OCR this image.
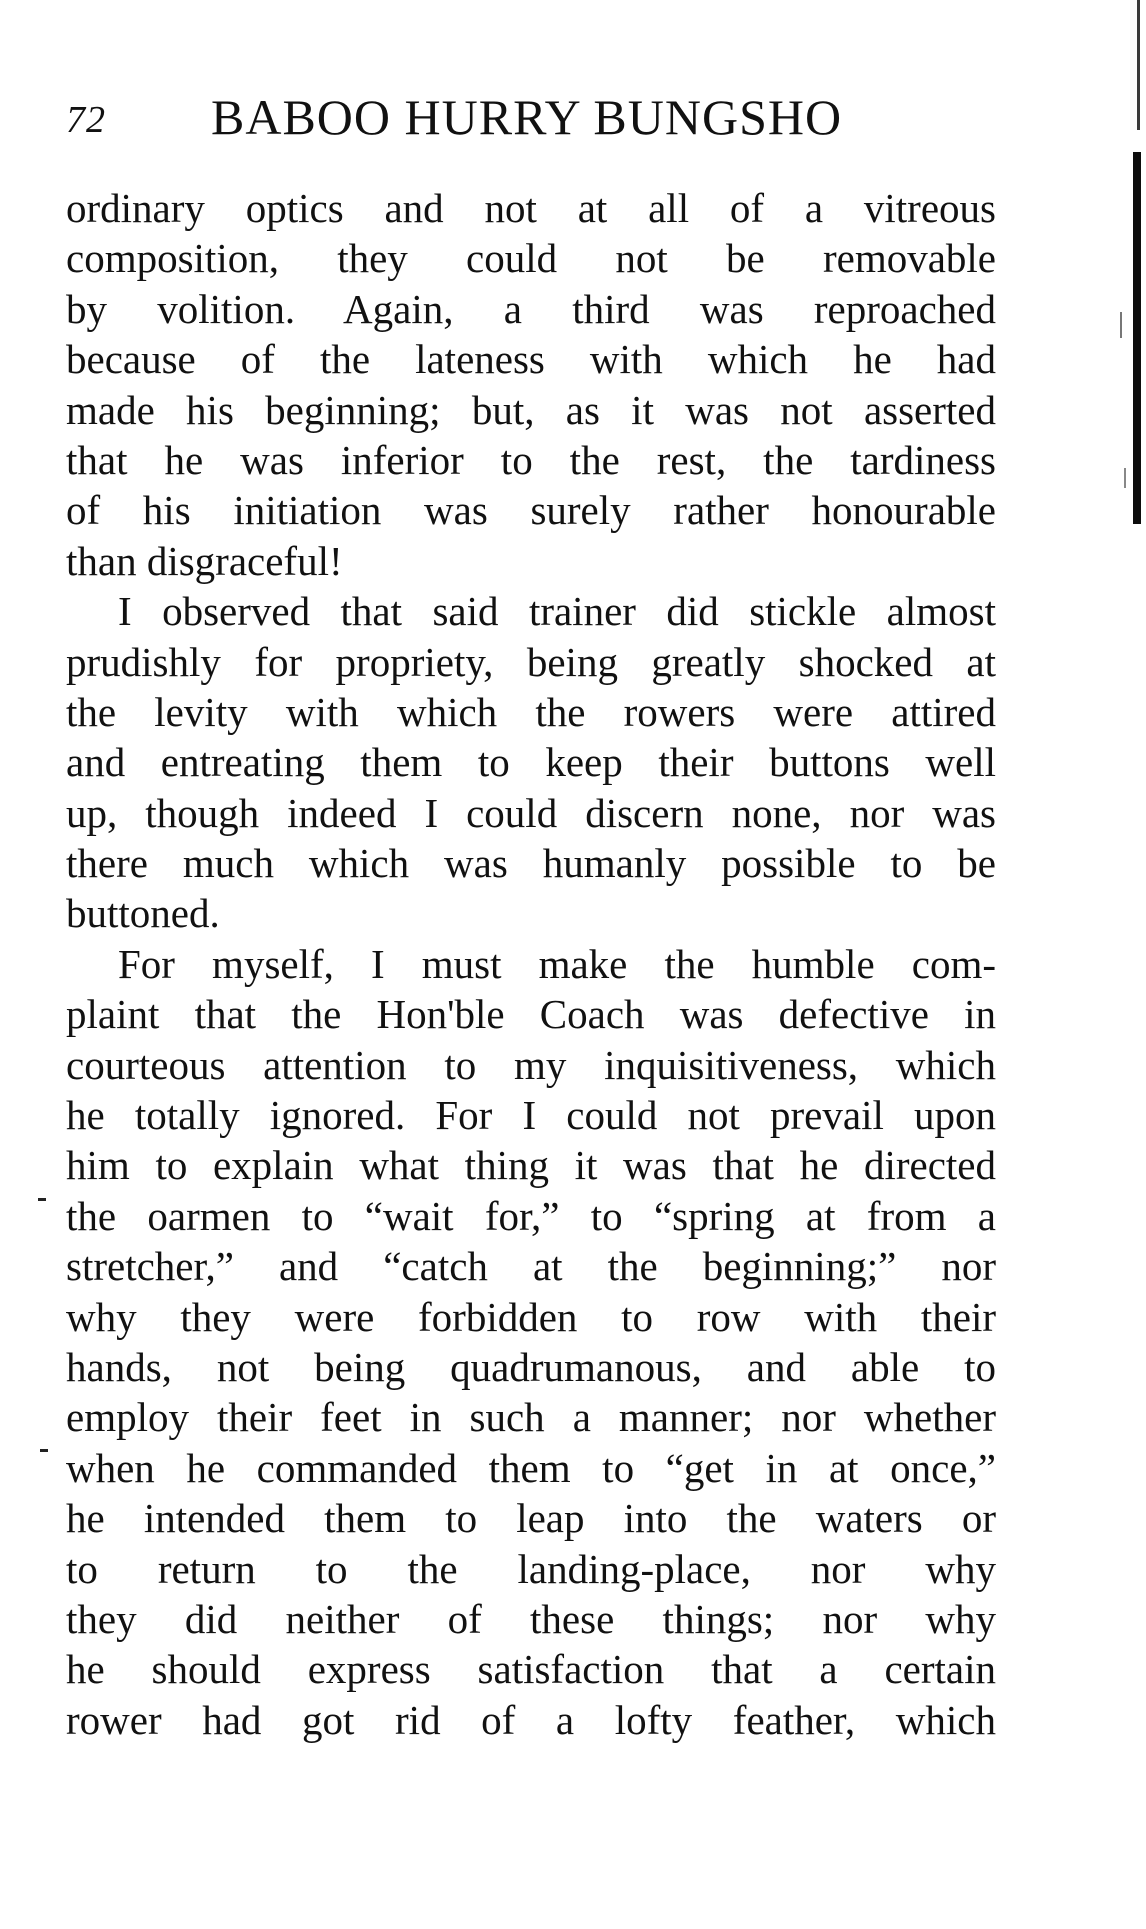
72 BABOO HURRY BUNGSHO
ordinary optics and not at all of a vitreous
composition, they could not be removable
by volition. Again, a third was reproached
because of the lateness with which he had
made his beginning; but, as it was not asserted
that he was inferior to the rest, the tardiness
of his initiation was surely rather honourable
than disgraceful!
I observed that said trainer did stickle almost
prudishly for propriety, being greatly shocked at
the levity with which the rowers were attired
and entreating them to keep their buttons well
up, though indeed I could discern none, nor was
there much which was humanly possible to be
buttoned.
For myself, I must make the humble com-
plaint that the Hon'ble Coach was defective in
courteous attention to my inquisitiveness, which
he totally ignored. For I could not prevail upon
him to explain what thing it was that he directed
the oarmen to “wait for,” to “spring at from a
stretcher,” and “catch at the beginning;” nor
why they were forbidden to row with their
hands, not being quadrumanous, and able to
employ their feet in such a manner; nor whether
when he commanded them to “get in at once,”
he intended them to leap into the waters or
to return to the landing-place, nor why
they did neither of these things; nor why
he should express satisfaction that a certain
rower had got rid of a lofty feather, which
